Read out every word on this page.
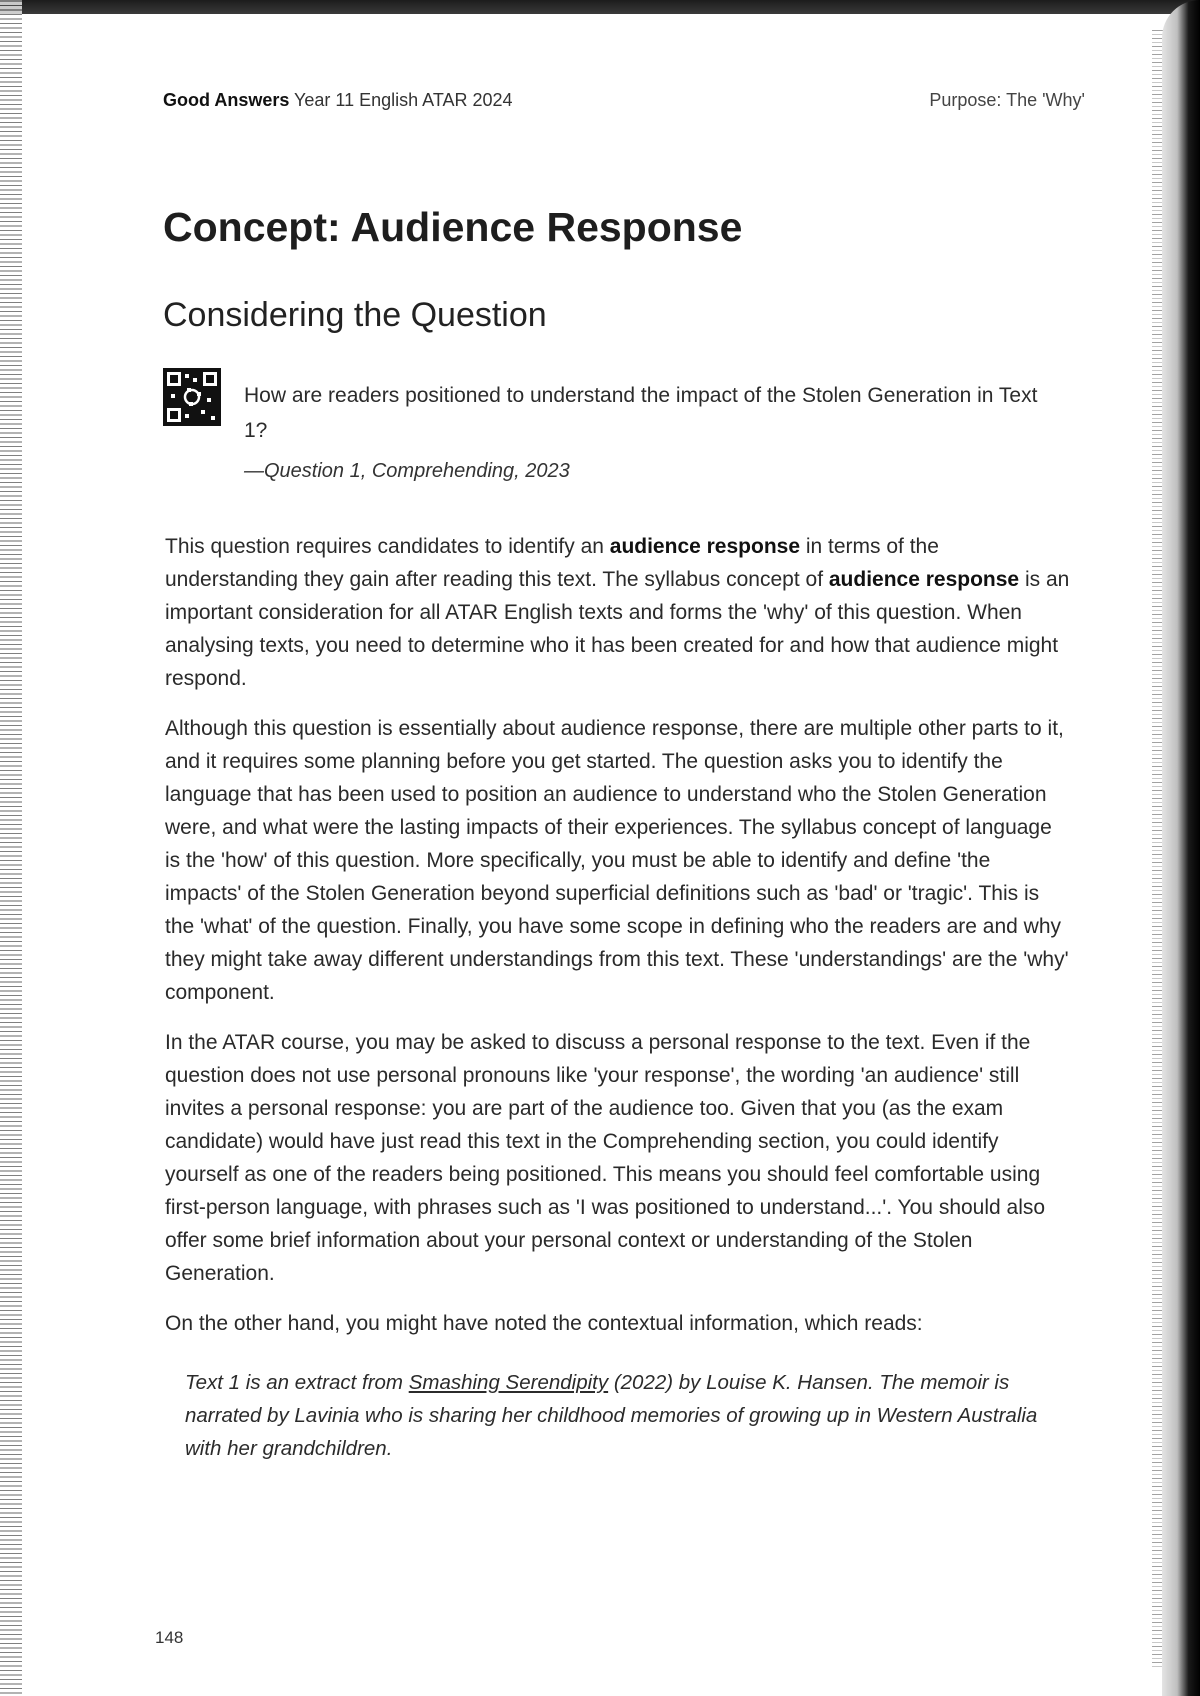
Good Answers Year 11 English ATAR 2024	Purpose: The 'Why'
Concept: Audience Response
Considering the Question
How are readers positioned to understand the impact of the Stolen Generation in Text 1?
—Question 1, Comprehending, 2023

This question requires candidates to identify an audience response in terms of the understanding they gain after reading this text. The syllabus concept of audience response is an important consideration for all ATAR English texts and forms the 'why' of this question. When analysing texts, you need to determine who it has been created for and how that audience might respond.

Although this question is essentially about audience response, there are multiple other parts to it, and it requires some planning before you get started. The question asks you to identify the language that has been used to position an audience to understand who the Stolen Generation were, and what were the lasting impacts of their experiences. The syllabus concept of language is the 'how' of this question. More specifically, you must be able to identify and define 'the impacts' of the Stolen Generation beyond superficial definitions such as 'bad' or 'tragic'. This is the 'what' of the question. Finally, you have some scope in defining who the readers are and why they might take away different understandings from this text. These 'understandings' are the 'why' component.

In the ATAR course, you may be asked to discuss a personal response to the text. Even if the question does not use personal pronouns like 'your response', the wording 'an audience' still invites a personal response: you are part of the audience too. Given that you (as the exam candidate) would have just read this text in the Comprehending section, you could identify yourself as one of the readers being positioned. This means you should feel comfortable using first-person language, with phrases such as 'I was positioned to understand...'. You should also offer some brief information about your personal context or understanding of the Stolen Generation.

On the other hand, you might have noted the contextual information, which reads:

Text 1 is an extract from Smashing Serendipity (2022) by Louise K. Hansen. The memoir is narrated by Lavinia who is sharing her childhood memories of growing up in Western Australia with her grandchildren.
148
